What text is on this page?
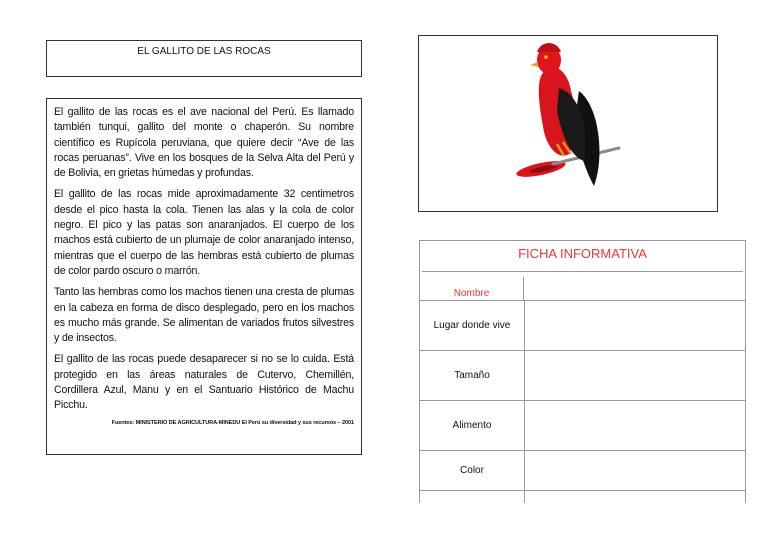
EL GALLITO DE LAS ROCAS

El gallito de las rocas es el ave nacional del Perú. Es llamado también tunqui, gallito del monte o chaperón. Su nombre científico es Rupícola peruviana, que quiere decir “Ave de las rocas peruanas”. Vive en los bosques de la Selva Alta del Perú y de Bolivia, en grietas húmedas y profundas.

El gallito de las rocas mide aproximadamente 32 centimetros desde el pico hasta la cola. Tienen las alas y la cola de color negro. El pico y las patas son anaranjados. El cuerpo de los machos está cubierto de un plumaje de color anaranjado intenso, mientras que el cuerpo de las hembras está cubierto de plumas de color pardo oscuro o marrón.

Tanto las hembras como los machos tienen una cresta de plumas en la cabeza en forma de disco desplegado, pero en los machos es mucho más grande. Se alimentan de variados frutos silvestres y de insectos.

El gallito de las rocas puede desaparecer si no se lo cuida. Está protegido en las áreas naturales de Cutervo, Chemillén, Cordillera Azul, Manu y en el Santuario Histórico de Machu Picchu.

Fuentes: MINISTERIO DE AGRICULTURA-MINEDU El Perú su diversidad y sus recursos – 2001
FICHA INFORMATIVA
Nombre
Lugar donde vive
Tamaño
Alimento
Color
